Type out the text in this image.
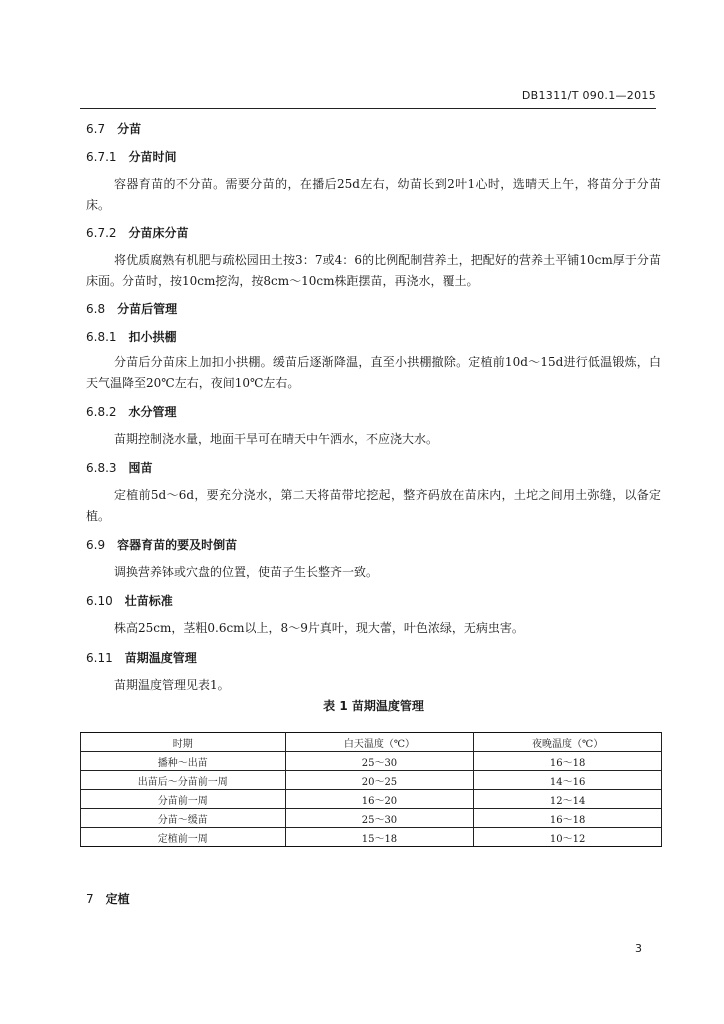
DB1311/T 090.1—2015
6.7 分苗
6.7.1 分苗时间
容器育苗的不分苗。需要分苗的，在播后25d左右，幼苗长到2叶1心时，选晴天上午，将苗分于分苗床。
6.7.2 分苗床分苗
将优质腐熟有机肥与疏松园田土按3：7或4：6的比例配制营养土，把配好的营养土平铺10cm厚于分苗床面。分苗时，按10cm挖沟，按8cm～10cm株距摆苗，再浇水，覆土。
6.8 分苗后管理
6.8.1 扣小拱棚
分苗后分苗床上加扣小拱棚。缓苗后逐渐降温，直至小拱棚撤除。定植前10d～15d进行低温锻炼，白天气温降至20℃左右，夜间10℃左右。
6.8.2 水分管理
苗期控制浇水量，地面干旱可在晴天中午洒水，不应浇大水。
6.8.3 囤苗
定植前5d～6d，要充分浇水，第二天将苗带坨挖起，整齐码放在苗床内，土坨之间用土弥缝，以备定植。
6.9 容器育苗的要及时倒苗
调换营养钵或穴盘的位置，使苗子生长整齐一致。
6.10 壮苗标准
株高25cm，茎粗0.6cm以上，8～9片真叶，现大蕾，叶色浓绿，无病虫害。
6.11 苗期温度管理
苗期温度管理见表1。
表 1 苗期温度管理
7 定植
时期	白天温度（℃）	夜晚温度（℃）
播种～出苗	25～30	16～18
出苗后～分苗前一周	20～25	14～16
分苗前一周	16～20	12～14
分苗～缓苗	25～30	16～18
定植前一周	15～18	10～12
3
